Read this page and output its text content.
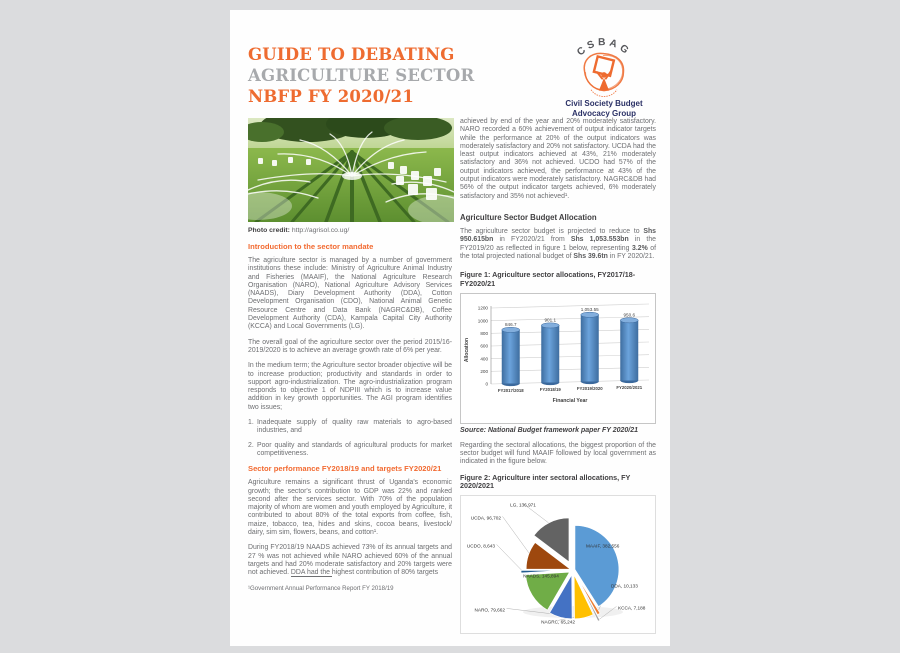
GUIDE TO DEBATING
AGRICULTURE SECTOR
NBFP FY 2020/21
CSBAG
Civil Society Budget
Advocacy Group
Photo credit: http://agrisol.co.ug/
Introduction to the sector mandate

The agriculture sector is managed by a number of government institutions these include: Ministry of Agriculture Animal Industry and Fisheries (MAAIF), the National Agriculture Research Organisation (NARO), National Agriculture Advisory Services (NAADS), Diary Development Authority (DDA), Cotton Development Organisation (CDO), National Animal Genetic Resource Centre and Data Bank (NAGRC&DB), Coffee Development Authority (CDA), Kampala Capital City Authority (KCCA) and Local Governments (LG).

The overall goal of the agriculture sector over the period 2015/16- 2019/2020 is to achieve an average growth rate of 6% per year.

In the medium term; the Agriculture sector broader objective will be to increase production; productivity and standards in order to support agro-industrialization. The agro-industrialization program responds to objective 1 of NDPIII which is to increase value addition in key growth opportunities. The AGI program identifies two issues;

1. Inadequate supply of quality raw materials to agro-based industries, and
2. Poor quality and standards of agricultural products for market competitiveness.
Sector performance FY2018/19 and targets FY2020/21

Agriculture remains a significant thrust of Uganda's economic growth; the sector's contribution to GDP was 22% and ranked second after the services sector. With 70% of the population majority of whom are women and youth employed by Agriculture, it contributed to about 80% of the total exports from coffee, fish, maize, tobacco, tea, hides and skins, cocoa beans, livestock/ dairy, sim sim, flowers, beans, and cotton¹.

During FY2018/19 NAADS achieved 73% of its annual targets and 27 % was not achieved while NARO achieved 60% of the annual targets and had 20% moderate satisfactory and 20% targets were not achieved. DDA had the highest contribution of 80% targets

¹Government Annual Performance Report FY 2018/19

achieved by end of the year and 20% moderately satisfactory. NARO recorded a 60% achievement of output indicator targets while the performance at 20% of the output indicators was moderately satisfactory and 20% not satisfactory. UCDA had the least output indicators achieved at 43%, 21% moderately satisfactory and 36% not achieved. UCDO had 57% of the output indicators achieved, the performance at 43% of the output indicators were moderately satisfactory. NAGRC&DB had 56% of the output indicator targets achieved, 6% moderately satisfactory and 35% not achieved¹.

Agriculture Sector Budget Allocation

The agriculture sector budget is projected to reduce to Shs 950.615bn in FY2020/21 from Shs 1,053.553bn in the FY2019/20 as reflected in figure 1 below, representing 3.2% of the total projected national budget of Shs 39.6tn in FY 2020/21.

Figure 1: Agriculture sector allocations, FY2017/18- FY2020/21
0
200
400
600
800
1000
1200
846.7
FY2017/2018
901.1
FY2018/19
1,053.55
FY2019/2020
950.6
FY2020/2021
Allocation
Financial Year
Source: National Budget framework paper FY 2020/21

Regarding the sectoral allocations, the biggest proportion of the sector budget will fund MAAIF followed by local government as indicated in the figure below.

Figure 2: Agriculture inter sectoral allocations, FY 2020/2021
MAAIF, 382,556
DDA, 10,133
KCCA, 7,188
NAGRC, 65,242
NARO, 79,662
NAADS, 145,894
UCDO, 8,643
UCDA, 96,702
LG, 136,971
